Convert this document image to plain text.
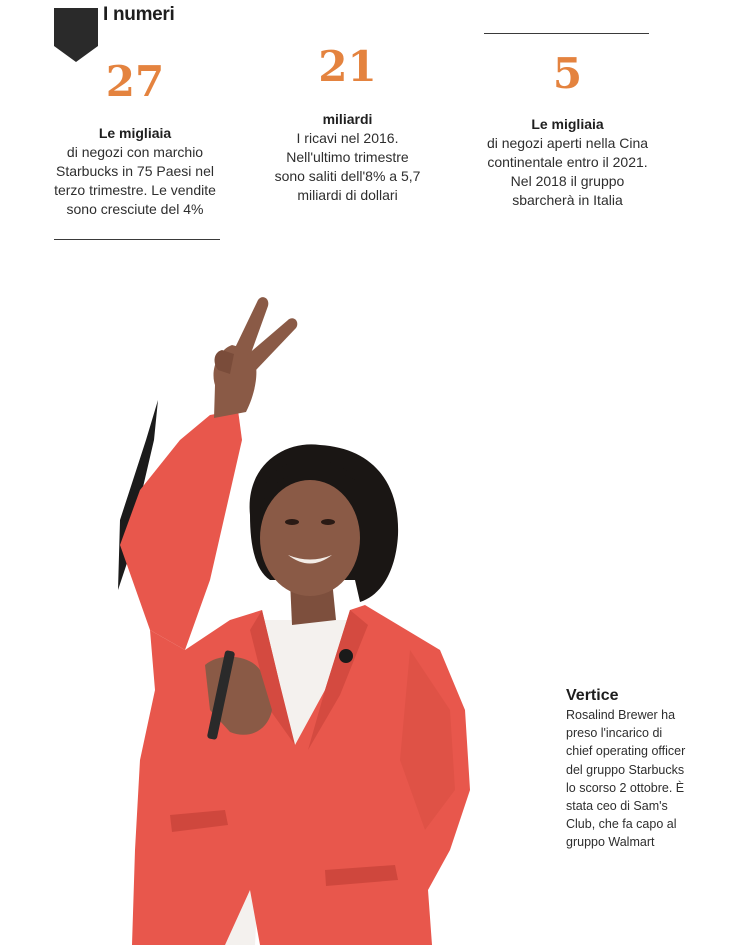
I numeri
27
Le migliaia
di negozi con marchio
Starbucks in 75 Paesi nel
terzo trimestre. Le vendite
sono cresciute del 4%
21
miliardi
I ricavi nel 2016.
Nell'ultimo trimestre
sono saliti dell'8% a 5,7
miliardi di dollari
5
Le migliaia
di negozi aperti nella Cina
continentale entro il 2021.
Nel 2018 il gruppo
sbarcherà in Italia
Vertice
Rosalind Brewer ha
preso l'incarico di
chief operating officer
del gruppo Starbucks
lo scorso 2 ottobre. È
stata ceo di Sam's
Club, che fa capo al
gruppo Walmart
